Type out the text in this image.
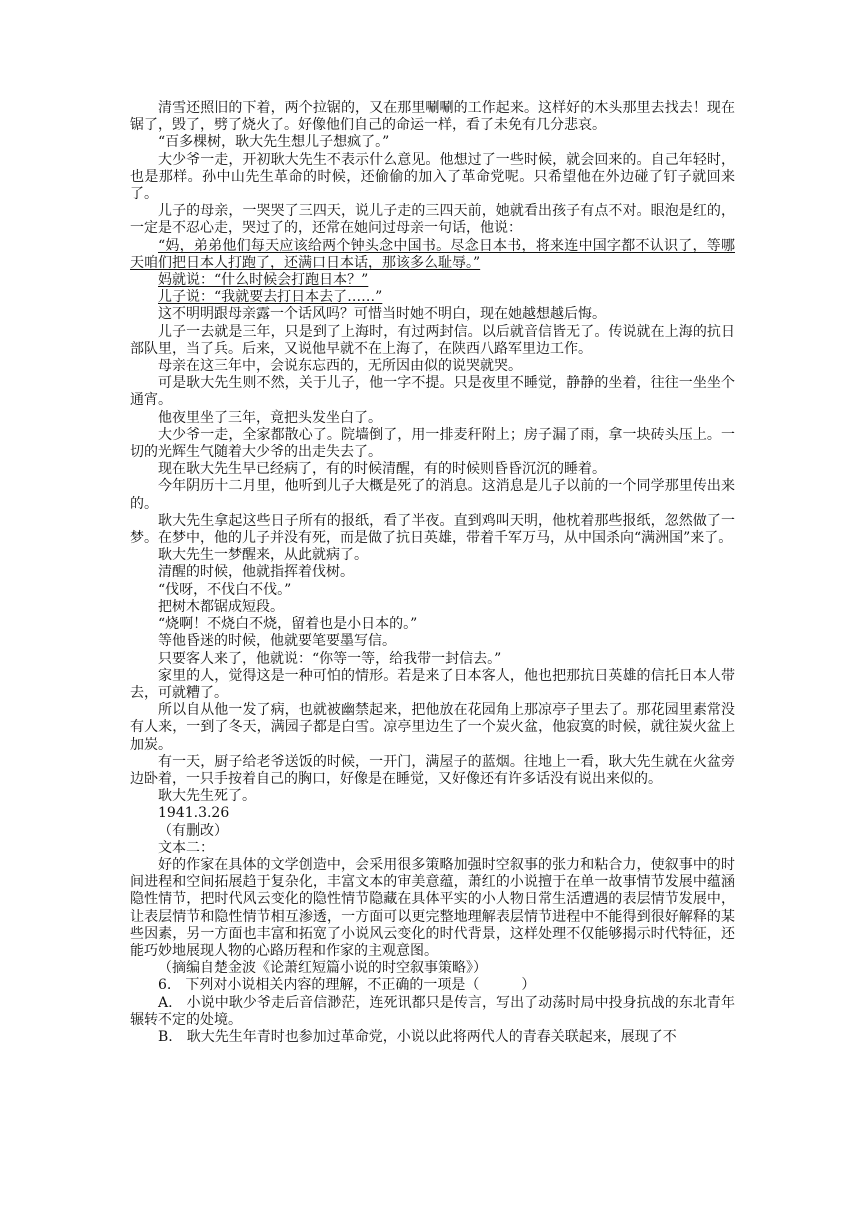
清雪还照旧的下着，两个拉锯的，又在那里唰唰的工作起来。这样好的木头那里去找去！现在锯了，毁了，劈了烧火了。好像他们自己的命运一样，看了未免有几分悲哀。

“百多棵树，耿大先生想儿子想疯了。”

大少爷一走，开初耿大先生不表示什么意见。他想过了一些时候，就会回来的。自己年轻时，也是那样。孙中山先生革命的时候，还偷偷的加入了革命党呢。只希望他在外边碰了钉子就回来了。

儿子的母亲，一哭哭了三四天，说儿子走的三四天前，她就看出孩子有点不对。眼泡是红的，一定是不忍心走，哭过了的，还常在她问过母亲一句话，他说：

“妈，弟弟他们每天应该给两个钟头念中国书。尽念日本书，将来连中国字都不认识了，等哪天咱们把日本人打跑了，还满口日本话，那该多么耻辱。”

妈就说：“什么时候会打跑日本？”

儿子说：“我就要去打日本去了……”

这不明明跟母亲露一个话风吗？可惜当时她不明白，现在她越想越后悔。

儿子一去就是三年，只是到了上海时，有过两封信。以后就音信皆无了。传说就在上海的抗日部队里，当了兵。后来，又说他早就不在上海了，在陕西八路军里边工作。

母亲在这三年中，会说东忘西的，无所因由似的说哭就哭。

可是耿大先生则不然，关于儿子，他一字不提。只是夜里不睡觉，静静的坐着，往往一坐坐个通宵。

他夜里坐了三年，竟把头发坐白了。

大少爷一走，全家都散心了。院墙倒了，用一排麦秆附上；房子漏了雨，拿一块砖头压上。一切的光辉生气随着大少爷的出走失去了。

现在耿大先生早已经病了，有的时候清醒，有的时候则昏昏沉沉的睡着。

今年阴历十二月里，他听到儿子大概是死了的消息。这消息是儿子以前的一个同学那里传出来的。

耿大先生拿起这些日子所有的报纸，看了半夜。直到鸡叫天明，他枕着那些报纸，忽然做了一梦。在梦中，他的儿子并没有死，而是做了抗日英雄，带着千军万马，从中国杀向“满洲国”来了。

耿大先生一梦醒来，从此就病了。

清醒的时候，他就指挥着伐树。

“伐呀，不伐白不伐。”

把树木都锯成短段。

“烧啊！不烧白不烧，留着也是小日本的。”

等他昏迷的时候，他就要笔要墨写信。

只要客人来了，他就说：“你等一等，给我带一封信去。”

家里的人，觉得这是一种可怕的情形。若是来了日本客人，他也把那抗日英雄的信托日本人带去，可就糟了。

所以自从他一发了病，也就被幽禁起来，把他放在花园角上那凉亭子里去了。那花园里素常没有人来，一到了冬天，满园子都是白雪。凉亭里边生了一个炭火盆，他寂寞的时候，就往炭火盆上加炭。

有一天，厨子给老爷送饭的时候，一开门，满屋子的蓝烟。往地上一看，耿大先生就在火盆旁边卧着，一只手按着自己的胸口，好像是在睡觉，又好像还有许多话没有说出来似的。

耿大先生死了。

1941.3.26

（有删改）

文本二：

好的作家在具体的文学创造中，会采用很多策略加强时空叙事的张力和粘合力，使叙事中的时间进程和空间拓展趋于复杂化，丰富文本的审美意蕴，萧红的小说擅于在单一故事情节发展中蕴涵隐性情节，把时代风云变化的隐性情节隐藏在具体平实的小人物日常生活遭遇的表层情节发展中，让表层情节和隐性情节相互渗透，一方面可以更完整地理解表层情节进程中不能得到很好解释的某些因素，另一方面也丰富和拓宽了小说风云变化的时代背景，这样处理不仅能够揭示时代特征，还能巧妙地展现人物的心路历程和作家的主观意图。

（摘编自楚金波《论萧红短篇小说的时空叙事策略》）

6.　下列对小说相关内容的理解，不正确的一项是（　　　）

A.　小说中耿少爷走后音信渺茫，连死讯都只是传言，写出了动荡时局中投身抗战的东北青年辗转不定的处境。

B.　耿大先生年青时也参加过革命党，小说以此将两代人的青春关联起来，展现了不
